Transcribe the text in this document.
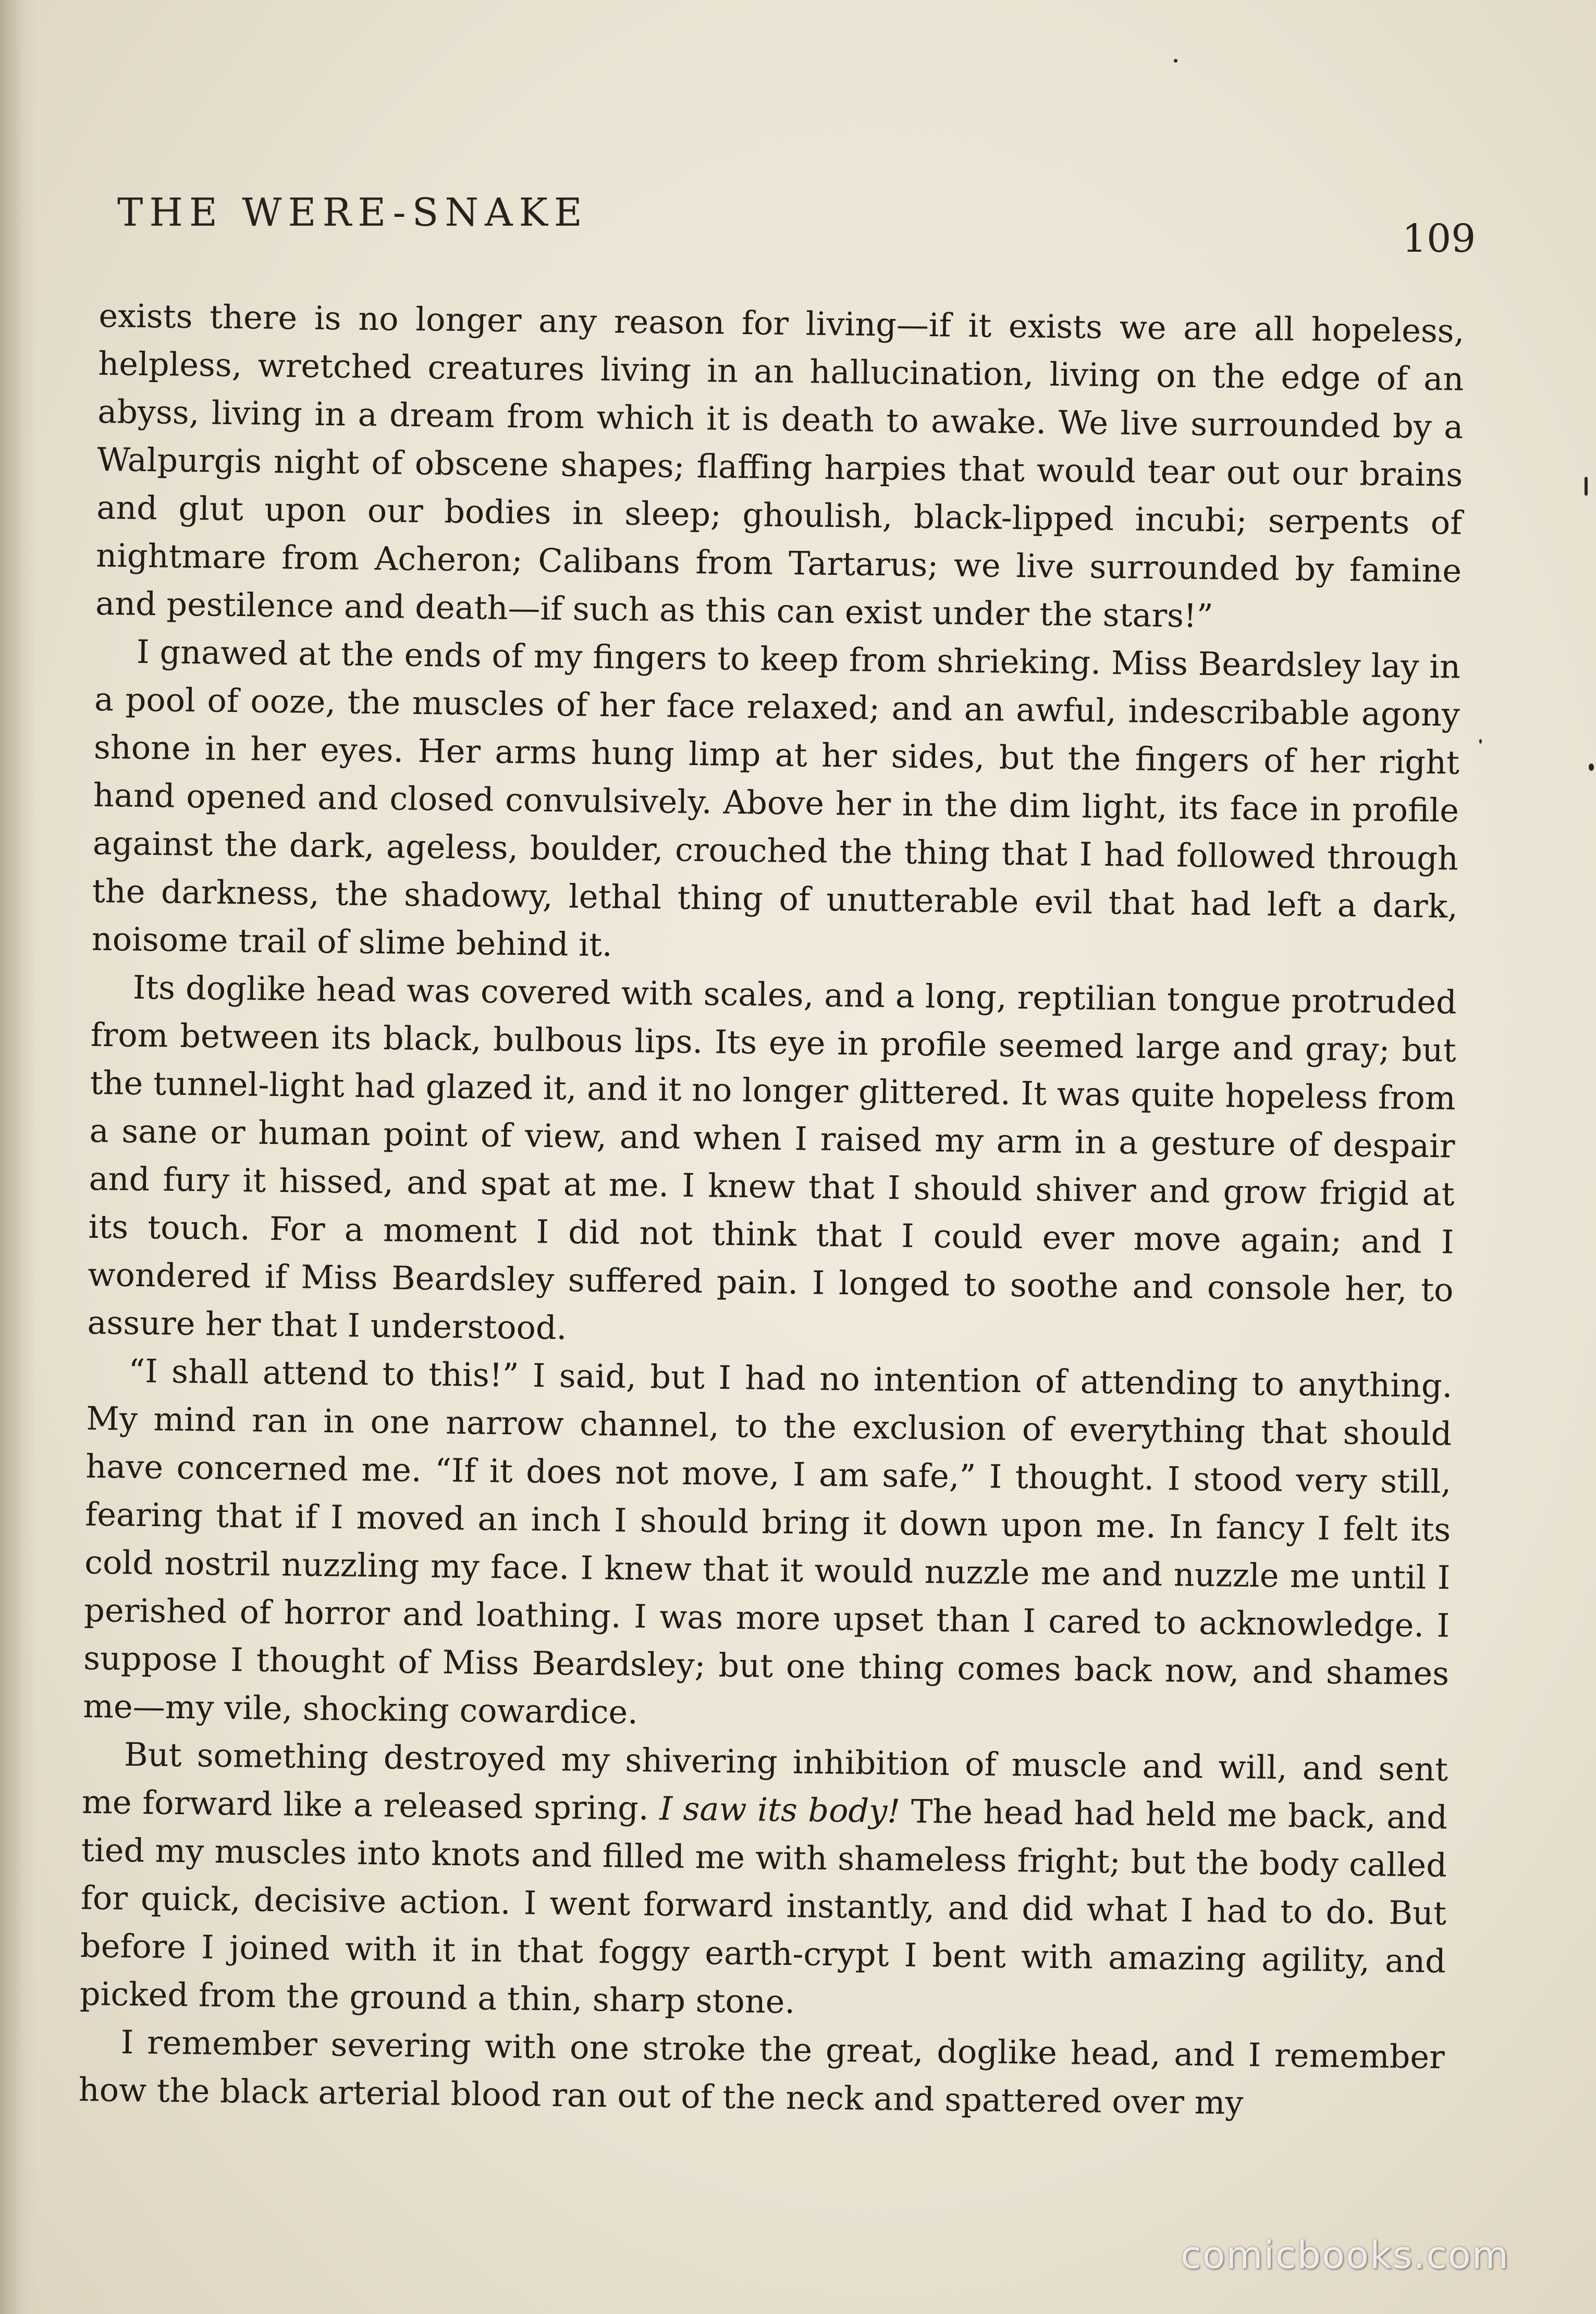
THE WERE-SNAKE
109

exists there is no longer any reason for living—if it exists we are all hopeless, helpless, wretched creatures living in an hallucination, living on the edge of an abyss, living in a dream from which it is death to awake. We live surrounded by a Walpurgis night of obscene shapes; flaffing harpies that would tear out our brains and glut upon our bodies in sleep; ghoulish, black-lipped incubi; serpents of nightmare from Acheron; Calibans from Tartarus; we live surrounded by famine and pestilence and death—if such as this can exist under the stars!”

I gnawed at the ends of my fingers to keep from shrieking. Miss Beardsley lay in a pool of ooze, the muscles of her face relaxed; and an awful, indescribable agony shone in her eyes. Her arms hung limp at her sides, but the fingers of her right hand opened and closed convulsively. Above her in the dim light, its face in profile against the dark, ageless, boulder, crouched the thing that I had followed through the darkness, the shadowy, lethal thing of unutterable evil that had left a dark, noisome trail of slime behind it.

Its doglike head was covered with scales, and a long, reptilian tongue protruded from between its black, bulbous lips. Its eye in profile seemed large and gray; but the tunnel-light had glazed it, and it no longer glittered. It was quite hopeless from a sane or human point of view, and when I raised my arm in a gesture of despair and fury it hissed, and spat at me. I knew that I should shiver and grow frigid at its touch. For a moment I did not think that I could ever move again; and I wondered if Miss Beardsley suffered pain. I longed to soothe and console her, to assure her that I understood.

“I shall attend to this!” I said, but I had no intention of attending to anything. My mind ran in one narrow channel, to the exclusion of everything that should have concerned me. “If it does not move, I am safe,” I thought. I stood very still, fearing that if I moved an inch I should bring it down upon me. In fancy I felt its cold nostril nuzzling my face. I knew that it would nuzzle me and nuzzle me until I perished of horror and loathing. I was more upset than I cared to acknowledge. I suppose I thought of Miss Beardsley; but one thing comes back now, and shames me—my vile, shocking cowardice.

But something destroyed my shivering inhibition of muscle and will, and sent me forward like a released spring. I saw its body! The head had held me back, and tied my muscles into knots and filled me with shameless fright; but the body called for quick, decisive action. I went forward instantly, and did what I had to do. But before I joined with it in that foggy earth-crypt I bent with amazing agility, and picked from the ground a thin, sharp stone.

I remember severing with one stroke the great, doglike head, and I remember how the black arterial blood ran out of the neck and spattered over my

comicbooks.com
